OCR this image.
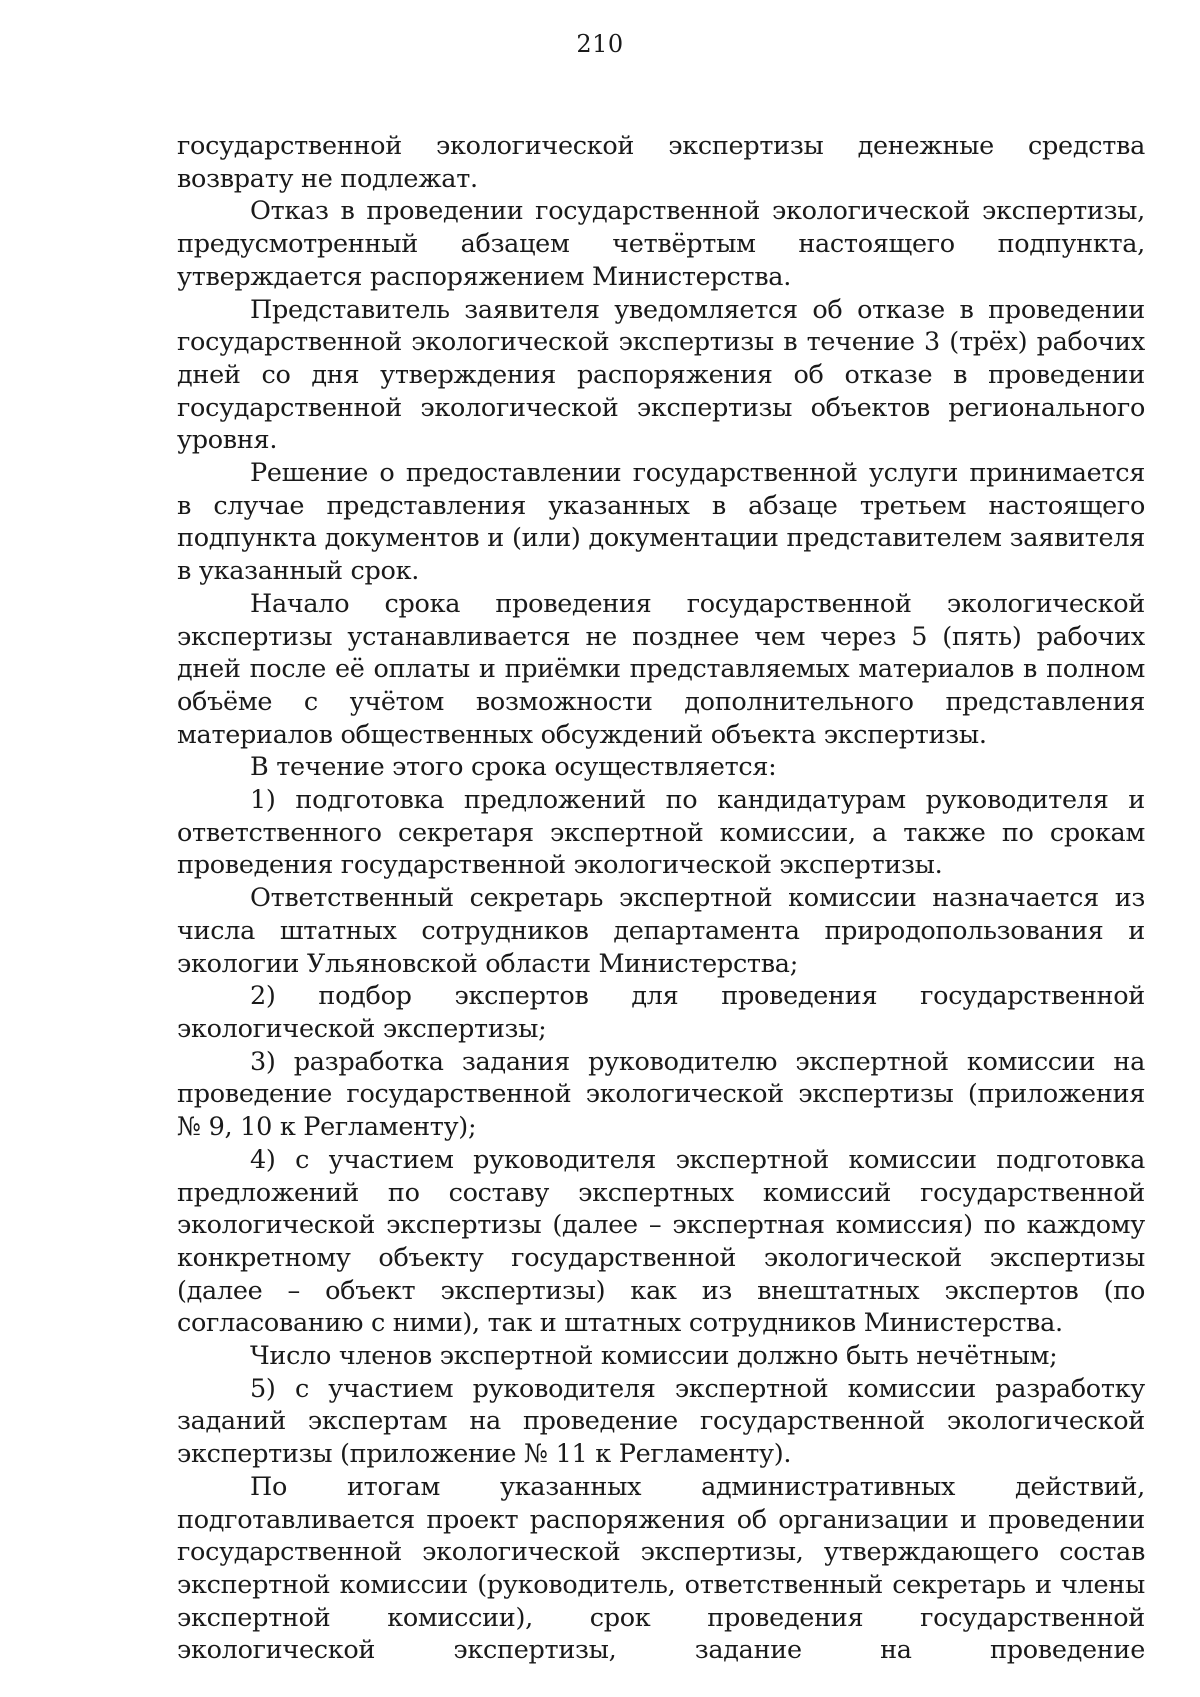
210

государственной экологической экспертизы денежные средства возврату не подлежат.

Отказ в проведении государственной экологической экспертизы, предусмотренный абзацем четвёртым настоящего подпункта, утверждается распоряжением Министерства.

Представитель заявителя уведомляется об отказе в проведении государственной экологической экспертизы в течение 3 (трёх) рабочих дней со дня утверждения распоряжения об отказе в проведении государственной экологической экспертизы объектов регионального уровня.

Решение о предоставлении государственной услуги принимается в случае представления указанных в абзаце третьем настоящего подпункта документов и (или) документации представителем заявителя в указанный срок.

Начало срока проведения государственной экологической экспертизы устанавливается не позднее чем через 5 (пять) рабочих дней после её оплаты и приёмки представляемых материалов в полном объёме с учётом возможности дополнительного представления материалов общественных обсуждений объекта экспертизы.

В течение этого срока осуществляется:

1) подготовка предложений по кандидатурам руководителя и ответственного секретаря экспертной комиссии, а также по срокам проведения государственной экологической экспертизы.

Ответственный секретарь экспертной комиссии назначается из числа штатных сотрудников департамента природопользования и экологии Ульяновской области Министерства;

2) подбор экспертов для проведения государственной экологической экспертизы;

3) разработка задания руководителю экспертной комиссии на проведение государственной экологической экспертизы (приложения № 9, 10 к Регламенту);

4) с участием руководителя экспертной комиссии подготовка предложений по составу экспертных комиссий государственной экологической экспертизы (далее – экспертная комиссия) по каждому конкретному объекту государственной экологической экспертизы (далее – объект экспертизы) как из внештатных экспертов (по согласованию с ними), так и штатных сотрудников Министерства.

Число членов экспертной комиссии должно быть нечётным;

5) с участием руководителя экспертной комиссии разработку заданий экспертам на проведение государственной экологической экспертизы (приложение № 11 к Регламенту).

По итогам указанных административных действий, подготавливается проект распоряжения об организации и проведении государственной экологической экспертизы, утверждающего состав экспертной комиссии (руководитель, ответственный секретарь и члены экспертной комиссии), срок проведения государственной экологической экспертизы, задание на проведение
